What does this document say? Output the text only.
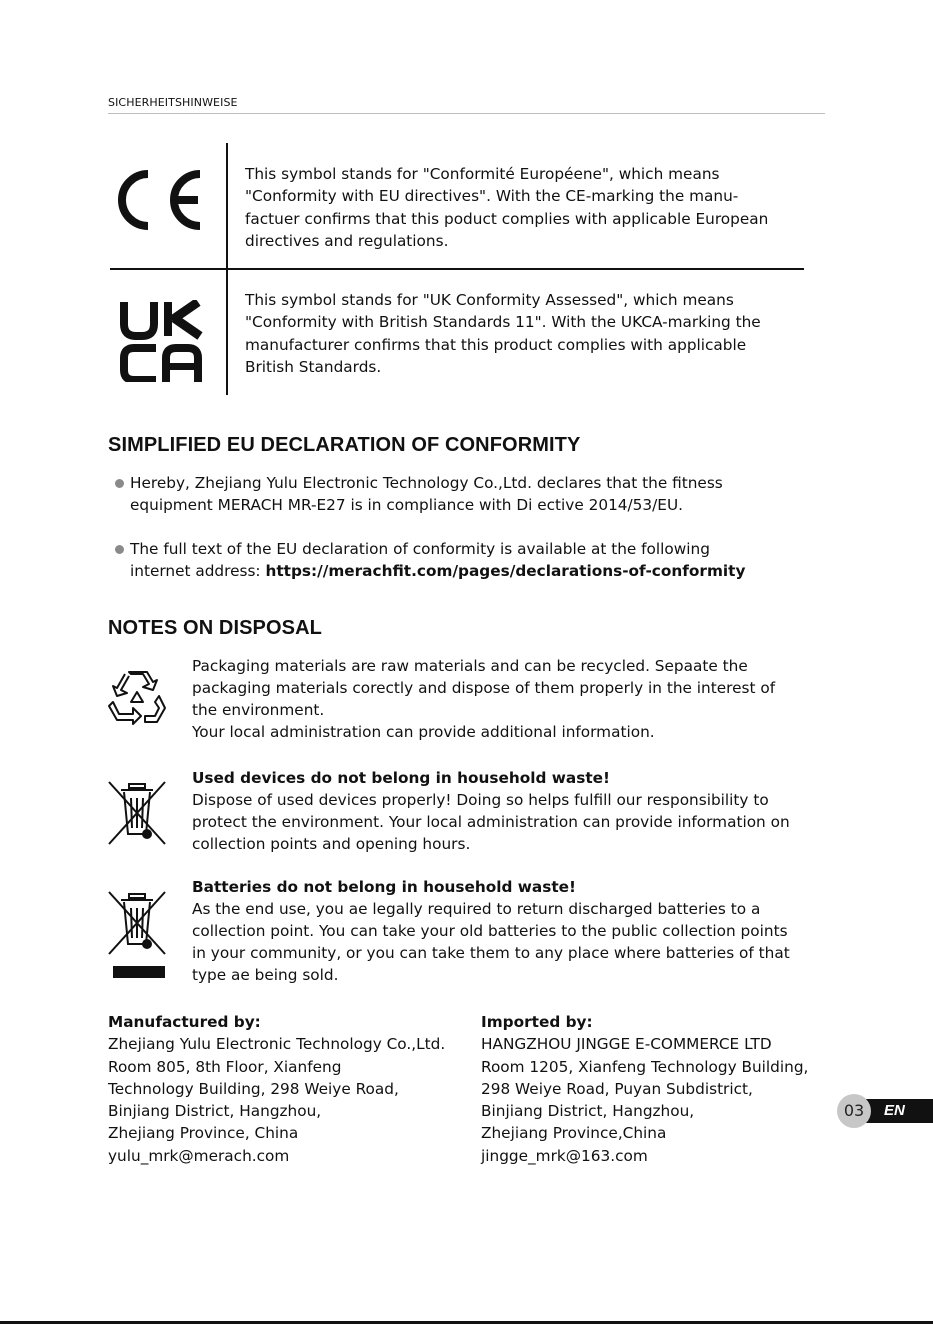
SICHERHEITSHINWEISE
This symbol stands for "Conformité Européene", which means
"Conformity with EU directives". With the CE-marking the manu-
factuer confirms that this poduct complies with applicable European
directives and regulations.
This symbol stands for "UK Conformity Assessed", which means
"Conformity with British Standards 11". With the UKCA-marking the
manufacturer confirms that this product complies with applicable
British Standards.
SIMPLIFIED EU DECLARATION OF CONFORMITY
Hereby, Zhejiang Yulu Electronic Technology Co.,Ltd. declares that the fitness
equipment MERACH MR-E27 is in compliance with Di ective 2014/53/EU.
The full text of the EU declaration of conformity is available at the following
internet address: https://merachfit.com/pages/declarations-of-conformity
NOTES ON DISPOSAL
Packaging materials are raw materials and can be recycled. Sepaate the
packaging materials corectly and dispose of them properly in the interest of
the environment.
Your local administration can provide additional information.
Used devices do not belong in household waste!
Dispose of used devices properly! Doing so helps fulfill our responsibility to
protect the environment. Your local administration can provide information on
collection points and opening hours.
Batteries do not belong in household waste!
As the end use, you ae legally required to return discharged batteries to a
collection point. You can take your old batteries to the public collection points
in your community, or you can take them to any place where batteries of that
type ae being sold.
Manufactured by:
Zhejiang Yulu Electronic Technology Co.,Ltd.
Room 805, 8th Floor, Xianfeng
Technology Building, 298 Weiye Road,
Binjiang District, Hangzhou,
Zhejiang Province, China
yulu_mrk@merach.com
Imported by:
HANGZHOU JINGGE E-COMMERCE LTD
Room 1205, Xianfeng Technology Building,
298 Weiye Road, Puyan Subdistrict,
Binjiang District, Hangzhou,
Zhejiang Province,China
jingge_mrk@163.com
EN
03
